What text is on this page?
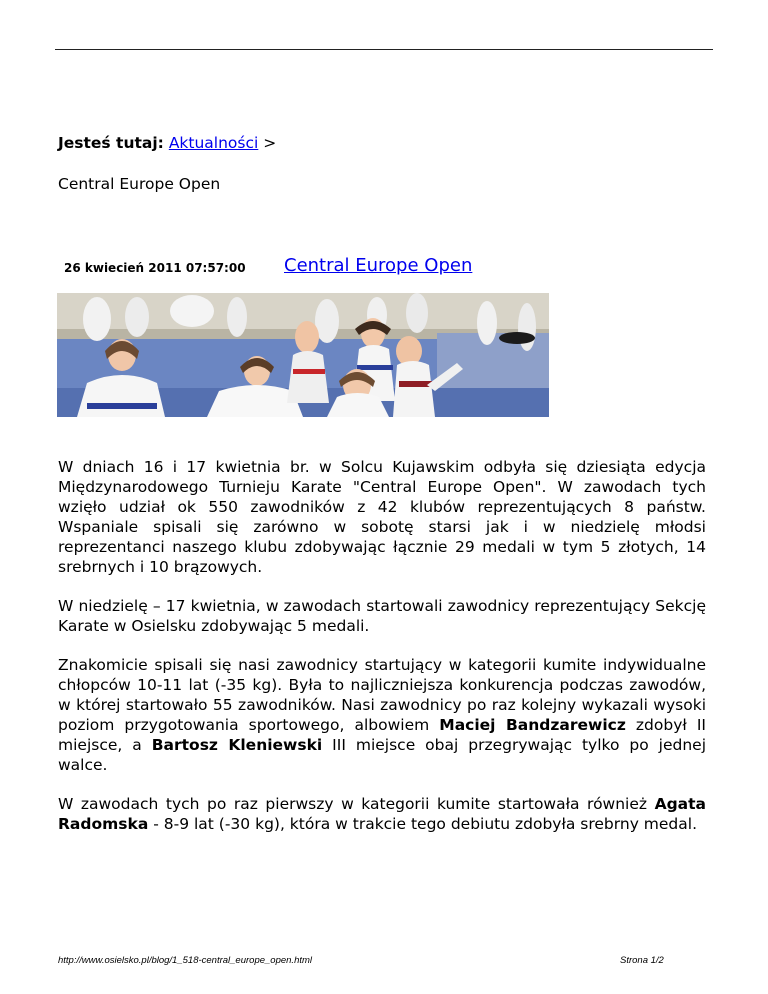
Jesteś tutaj: Aktualności >
Central Europe Open
26 kwiecień 2011 07:57:00 Central Europe Open

W dniach 16 i 17 kwietnia br. w Solcu Kujawskim odbyła się dziesiąta edycja Międzynarodowego Turnieju Karate "Central Europe Open". W zawodach tych wzięło udział ok 550 zawodników z 42 klubów reprezentujących 8 państw. Wspaniale spisali się zarówno w sobotę starsi jak i w niedzielę młodsi reprezentanci naszego klubu zdobywając łącznie 29 medali w tym 5 złotych, 14 srebrnych i 10 brązowych.

W niedzielę – 17 kwietnia, w zawodach startowali zawodnicy reprezentujący Sekcję Karate w Osielsku zdobywając 5 medali.

Znakomicie spisali się nasi zawodnicy startujący w kategorii kumite indywidualne chłopców 10-11 lat (-35 kg). Była to najliczniejsza konkurencja podczas zawodów, w której startowało 55 zawodników. Nasi zawodnicy po raz kolejny wykazali wysoki poziom przygotowania sportowego, albowiem Maciej Bandzarewicz zdobył II miejsce, a Bartosz Kleniewski III miejsce obaj przegrywając tylko po jednej walce.

W zawodach tych po raz pierwszy w kategorii kumite startowała również Agata Radomska - 8-9 lat (-30 kg), która w trakcie tego debiutu zdobyła srebrny medal.

http://www.osielsko.pl/blog/1_518-central_europe_open.html	Strona 1/2
